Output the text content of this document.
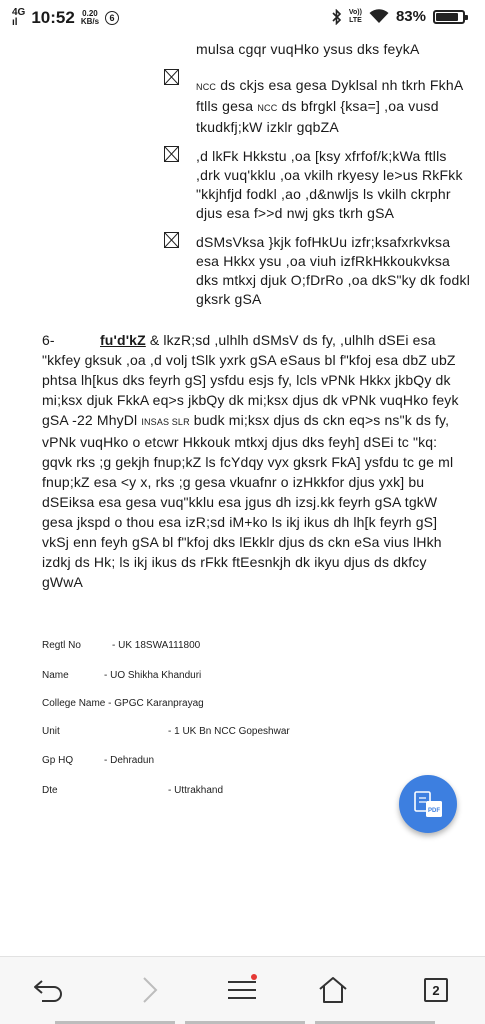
4G
ıl 10:52 0.20
KB/s	6
Vo))
LTE 83%
mulsa cgqr vuqHko ysus dks feykA
NCC ds ckjs esa gesa Dyklsal nh tkrh FkhA ftlls gesa NCC ds bfrgkl {ksa=] ,oa vusd tkudkfj;kW izklr gqbZA
,d lkFk Hkkstu ,oa [ksy xfrfof/k;kWa ftlls ,drk vuq'kklu ,oa vkilh rkyesy le>us RkFkk "kkjhfjd fodkl ,ao ,d&nwljs ls vkilh ckrphr djus esa f>>d nwj gks tkrh gSA
dSMsVksa }kjk fofHkUu izfr;ksafxrkvksa esa Hkkx ysu ,oa viuh izfRkHkkoukvksa dks mtkxj djuk O;fDrRo ,oa dkS"ky dk fodkl gksrk gSA
6-	fu'd'kZ & lkzR;sd ,ulhlh dSMsV ds fy, ,ulhlh dSEi esa "kkfey gksuk ,oa ,d volj tSlk yxrk gSA eSaus bl f"kfoj esa dbZ ubZ phtsa lh[kus dks feyrh gS] ysfdu esjs fy, lcls vPNk Hkkx jkbQy dk mi;ksx djuk FkkA eq>s jkbQy dk mi;ksx djus dk vPNk vuqHko feyk gSA -22 MhyDl INSAS SLR budk mi;ksx djus ds ckn eq>s ns"k ds fy, vPNk vuqHko o etcwr Hkkouk mtkxj djus dks feyh] dSEi tc "kq: gqvk rks ;g gekjh fnup;kZ ls fcYdqy vyx gksrk FkA] ysfdu tc ge ml fnup;kZ esa <y x, rks ;g gesa vkuafnr o izHkkfor djus yxk] bu dSEiksa esa gesa vuq"kklu esa jgus dh izsj.kk feyrh gSA tgkW gesa jkspd o thou esa izR;sd iM+ko ls ikj ikus dh lh[k feyrh gS] vkSj enn feyh gSA bl f"kfoj dks lEkklr djus ds ckn eSa vius lHkh izdkj ds Hk; ls ikj ikus ds rFkk ftEesnkjh dk ikyu djus ds dkfcy gWwA
Regtl No	- UK 18SWA111800
Name	- UO Shikha Khanduri
College Name - GPGC Karanprayag
Unit	- 1 UK Bn NCC Gopeshwar
Gp HQ	- Dehradun
Dte	- Uttrakhand
PDF
2
